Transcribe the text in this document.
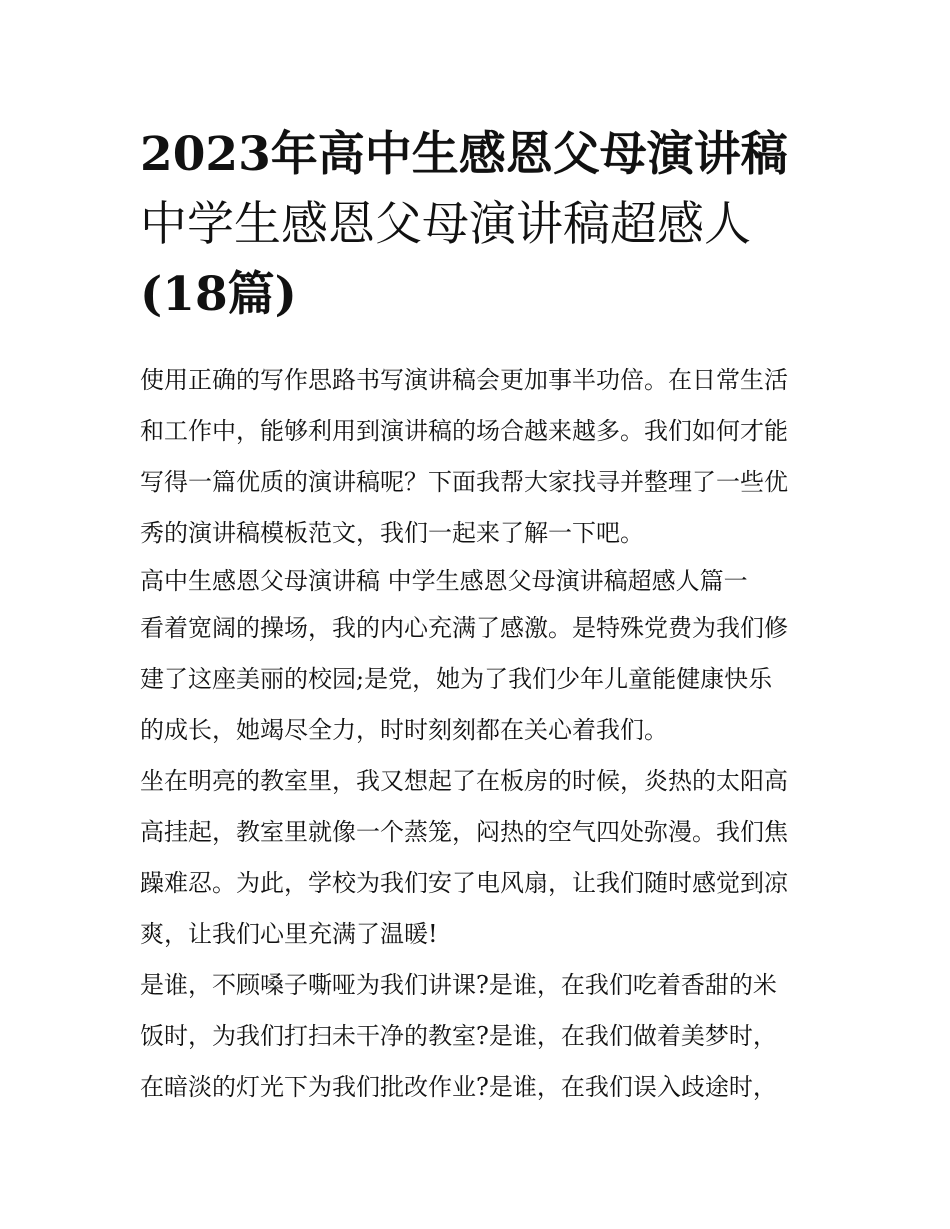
2023年高中生感恩父母演讲稿
中学生感恩父母演讲稿超感人
(18篇)

使用正确的写作思路书写演讲稿会更加事半功倍。在日常生活
和工作中，能够利用到演讲稿的场合越来越多。我们如何才能
写得一篇优质的演讲稿呢？下面我帮大家找寻并整理了一些优
秀的演讲稿模板范文，我们一起来了解一下吧。

高中生感恩父母演讲稿 中学生感恩父母演讲稿超感人篇一

看着宽阔的操场，我的内心充满了感激。是特殊党费为我们修
建了这座美丽的校园;是党，她为了我们少年儿童能健康快乐
的成长，她竭尽全力，时时刻刻都在关心着我们。

坐在明亮的教室里，我又想起了在板房的时候，炎热的太阳高
高挂起，教室里就像一个蒸笼，闷热的空气四处弥漫。我们焦
躁难忍。为此，学校为我们安了电风扇，让我们随时感觉到凉
爽，让我们心里充满了温暖!

是谁，不顾嗓子嘶哑为我们讲课?是谁，在我们吃着香甜的米
饭时，为我们打扫未干净的教室?是谁，在我们做着美梦时，
在暗淡的灯光下为我们批改作业?是谁，在我们误入歧途时，
